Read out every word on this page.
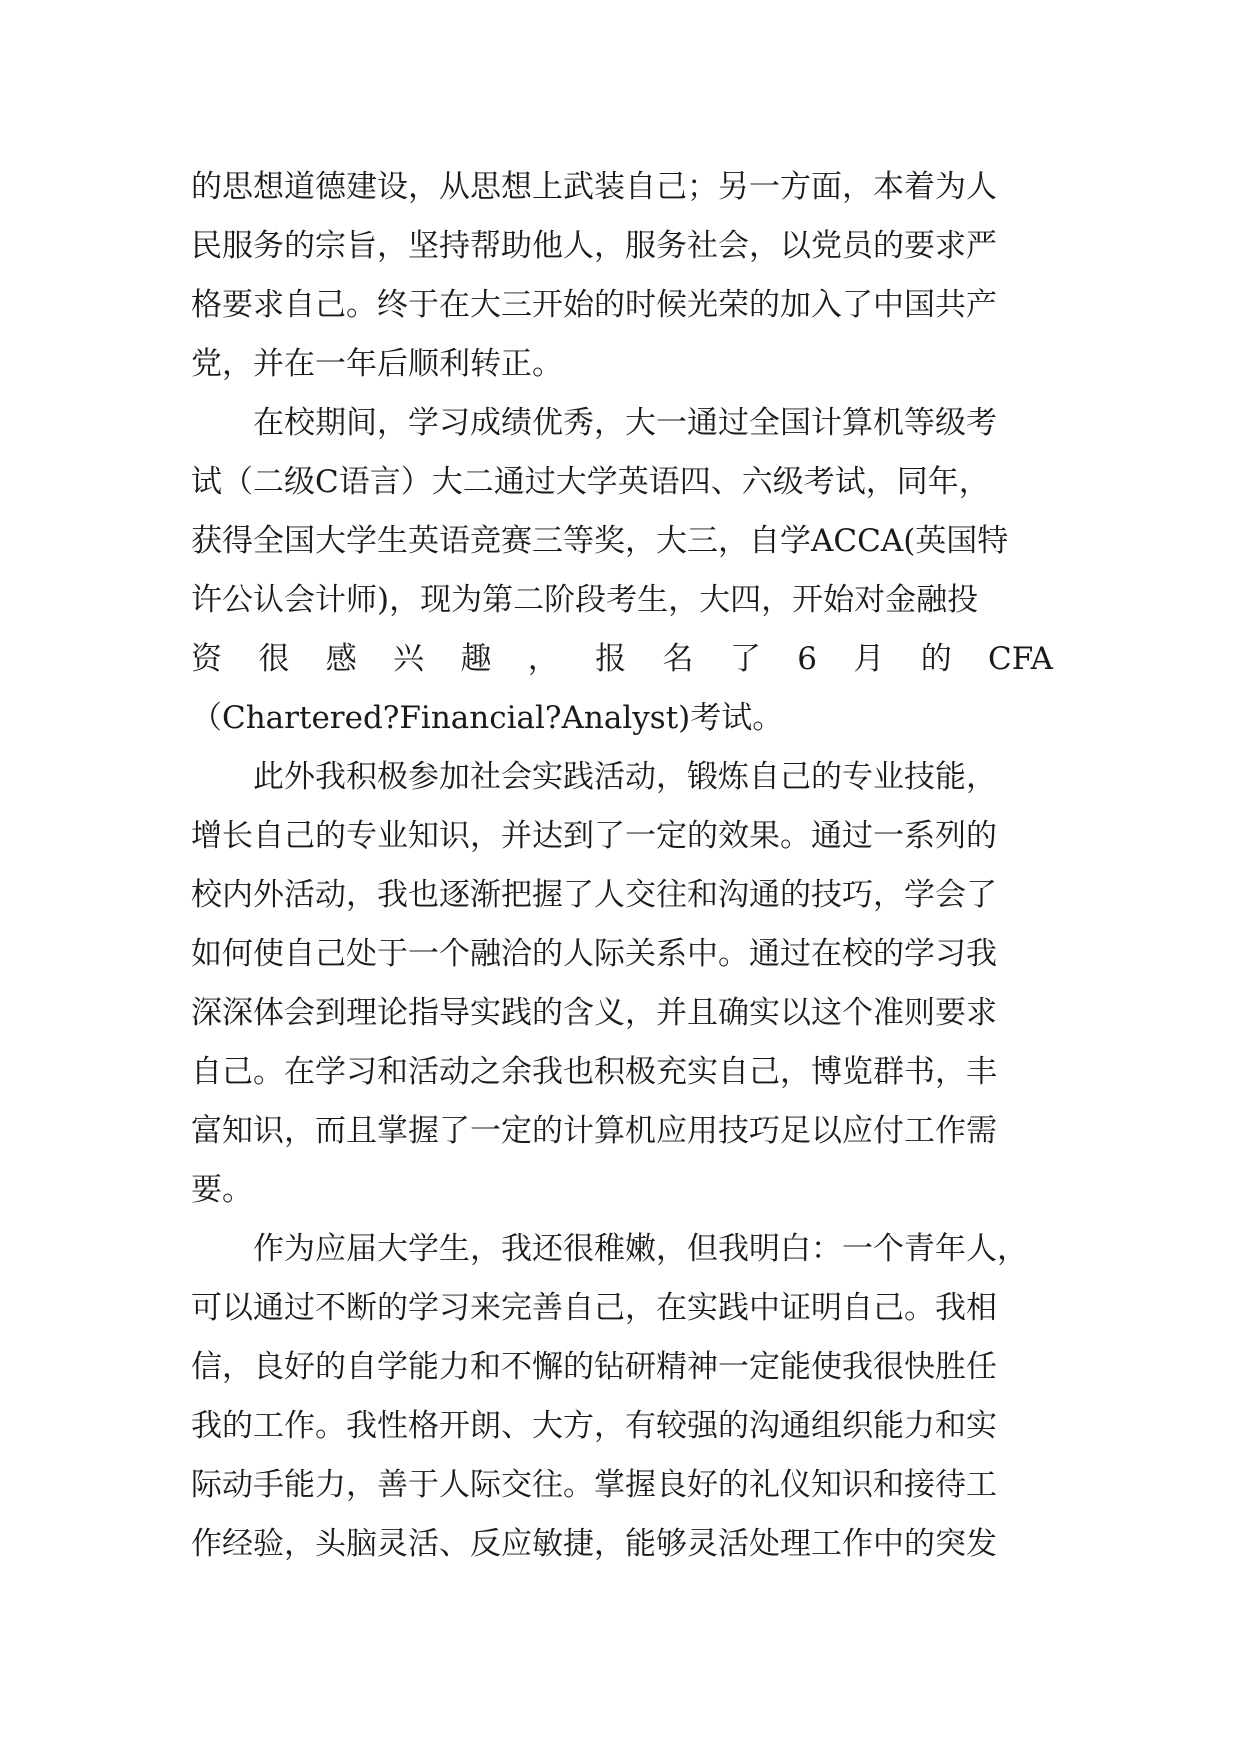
的思想道德建设，从思想上武装自己；另一方面，本着为人
民服务的宗旨，坚持帮助他人，服务社会，以党员的要求严
格要求自己。终于在大三开始的时候光荣的加入了中国共产
党，并在一年后顺利转正。
　　在校期间，学习成绩优秀，大一通过全国计算机等级考
试（二级C语言）大二通过大学英语四、六级考试，同年，
获得全国大学生英语竞赛三等奖，大三，自学ACCA(英国特
许公认会计师)，现为第二阶段考生，大四，开始对金融投
资 很 感 兴 趣 ， 报 名 了 6 月 的 CFA
（Chartered?Financial?Analyst)考试。
　　此外我积极参加社会实践活动，锻炼自己的专业技能，
增长自己的专业知识，并达到了一定的效果。通过一系列的
校内外活动，我也逐渐把握了人交往和沟通的技巧，学会了
如何使自己处于一个融洽的人际关系中。通过在校的学习我
深深体会到理论指导实践的含义，并且确实以这个准则要求
自己。在学习和活动之余我也积极充实自己，博览群书，丰
富知识，而且掌握了一定的计算机应用技巧足以应付工作需
要。
　　作为应届大学生，我还很稚嫩，但我明白：一个青年人，
可以通过不断的学习来完善自己，在实践中证明自己。我相
信，良好的自学能力和不懈的钻研精神一定能使我很快胜任
我的工作。我性格开朗、大方，有较强的沟通组织能力和实
际动手能力，善于人际交往。掌握良好的礼仪知识和接待工
作经验，头脑灵活、反应敏捷，能够灵活处理工作中的突发
